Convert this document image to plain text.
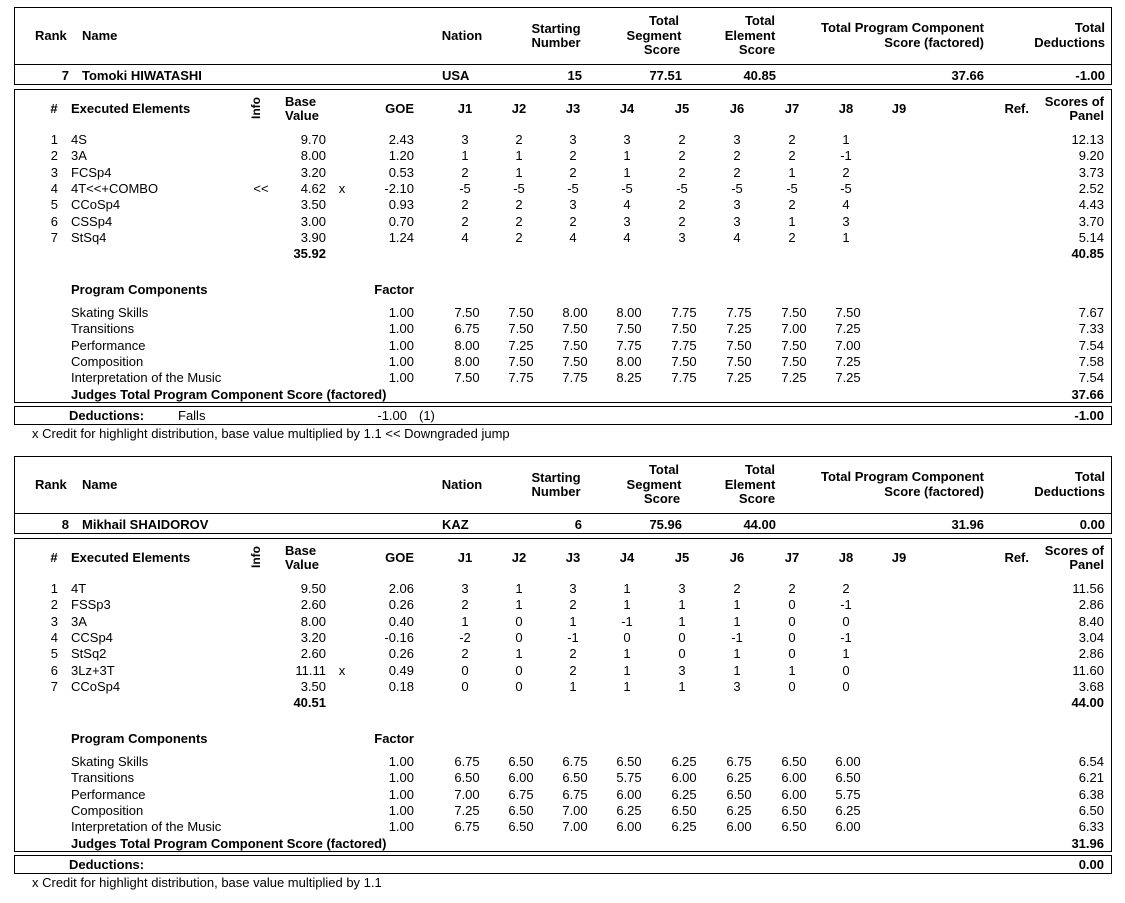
Rank Name	Nation	Starting
Number
Total
Segment
Score
Total
Element
Score
Total Program Component
Score (factored)
Total
Deductions
7 Tomoki HIWATASHI	USA	15	77.51	40.85	37.66	-1.00
#	Executed Elements	Info Base
Value	GOE	J1	J2	J3	J4	J5	J6	J7	J8	J9	Ref.	Scores of
Panel
1 4S	9.70	2.43	3	2	3	3	2	3	2	1	12.13
2 3A	8.00	1.20	1	1	2	1	2	2	2	-1	9.20
3 FCSp4	3.20	0.53	2	1	2	1	2	2	1	2	3.73
4 4T<<+COMBO	<<	4.62 x	-2.10	-5	-5	-5	-5	-5	-5	-5	-5	2.52
5 CCoSp4	3.50	0.93	2	2	3	4	2	3	2	4	4.43
6 CSSp4	3.00	0.70	2	2	2	3	2	3	1	3	3.70
7 StSq4	3.90	1.24	4	2	4	4	3	4	2	1	5.14
35.92	40.85
Program Components	Factor
Skating Skills	1.00	7.50	7.50	8.00	8.00	7.75	7.75	7.50	7.50	7.67
Transitions	1.00	6.75	7.50	7.50	7.50	7.50	7.25	7.00	7.25	7.33
Performance	1.00	8.00	7.25	7.50	7.75	7.75	7.50	7.50	7.00	7.54
Composition	1.00	8.00	7.50	7.50	8.00	7.50	7.50	7.50	7.25	7.58
Interpretation of the Music	1.00	7.50	7.75	7.75	8.25	7.75	7.25	7.25	7.25	7.54
Judges Total Program Component Score (factored)	37.66
Deductions:	Falls	-1.00 (1)	-1.00
x Credit for highlight distribution, base value multiplied by 1.1 << Downgraded jump
Rank Name	Nation	Starting
Number
Total
Segment
Score
Total
Element
Score
Total Program Component
Score (factored)
Total
Deductions
8 Mikhail SHAIDOROV	KAZ	6	75.96	44.00	31.96	0.00
#	Executed Elements	Info Base
Value	GOE	J1	J2	J3	J4	J5	J6	J7	J8	J9	Ref.	Scores of
Panel
1 4T	9.50	2.06	3	1	3	1	3	2	2	2	11.56
2 FSSp3	2.60	0.26	2	1	2	1	1	1	0	-1	2.86
3 3A	8.00	0.40	1	0	1	-1	1	1	0	0	8.40
4 CCSp4	3.20	-0.16	-2	0	-1	0	0	-1	0	-1	3.04
5 StSq2	2.60	0.26	2	1	2	1	0	1	0	1	2.86
6 3Lz+3T	11.11 x	0.49	0	0	2	1	3	1	1	0	11.60
7 CCoSp4	3.50	0.18	0	0	1	1	1	3	0	0	3.68
40.51	44.00
Program Components	Factor
Skating Skills	1.00	6.75	6.50	6.75	6.50	6.25	6.75	6.50	6.00	6.54
Transitions	1.00	6.50	6.00	6.50	5.75	6.00	6.25	6.00	6.50	6.21
Performance	1.00	7.00	6.75	6.75	6.00	6.25	6.50	6.00	5.75	6.38
Composition	1.00	7.25	6.50	7.00	6.25	6.50	6.25	6.50	6.25	6.50
Interpretation of the Music	1.00	6.75	6.50	7.00	6.00	6.25	6.00	6.50	6.00	6.33
Judges Total Program Component Score (factored)	31.96
Deductions:	0.00
x Credit for highlight distribution, base value multiplied by 1.1
